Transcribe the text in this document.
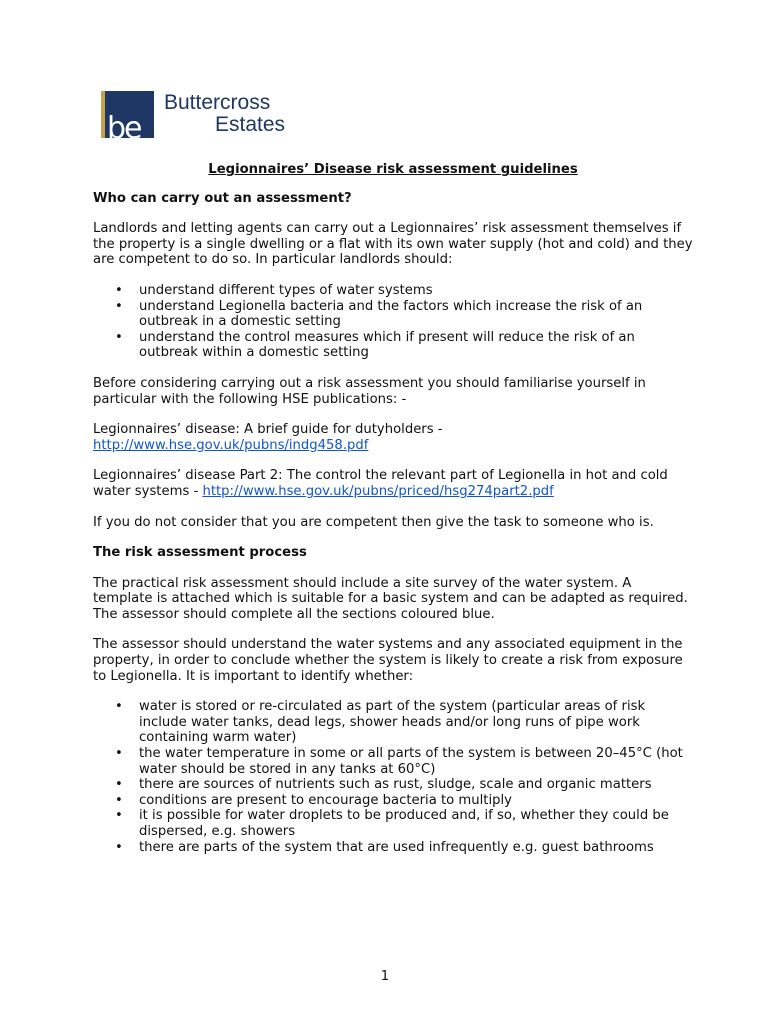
be
Buttercross
Estates
Legionnaires’ Disease risk assessment guidelines
Who can carry out an assessment?

Landlords and letting agents can carry out a Legionnaires’ risk assessment themselves if the property is a single dwelling or a flat with its own water supply (hot and cold) and they are competent to do so. In particular landlords should:

• understand different types of water systems
• understand Legionella bacteria and the factors which increase the risk of an outbreak in a domestic setting
• understand the control measures which if present will reduce the risk of an outbreak within a domestic setting

Before considering carrying out a risk assessment you should familiarise yourself in particular with the following HSE publications: -

Legionnaires’ disease: A brief guide for dutyholders -
http://www.hse.gov.uk/pubns/indg458.pdf

Legionnaires’ disease Part 2: The control the relevant part of Legionella in hot and cold water systems - http://www.hse.gov.uk/pubns/priced/hsg274part2.pdf

If you do not consider that you are competent then give the task to someone who is.

The risk assessment process

The practical risk assessment should include a site survey of the water system. A template is attached which is suitable for a basic system and can be adapted as required. The assessor should complete all the sections coloured blue.

The assessor should understand the water systems and any associated equipment in the property, in order to conclude whether the system is likely to create a risk from exposure to Legionella. It is important to identify whether:

• water is stored or re-circulated as part of the system (particular areas of risk include water tanks, dead legs, shower heads and/or long runs of pipe work containing warm water)
• the water temperature in some or all parts of the system is between 20–45°C (hot water should be stored in any tanks at 60°C)
• there are sources of nutrients such as rust, sludge, scale and organic matters
• conditions are present to encourage bacteria to multiply
• it is possible for water droplets to be produced and, if so, whether they could be dispersed, e.g. showers
• there are parts of the system that are used infrequently e.g. guest bathrooms
1
